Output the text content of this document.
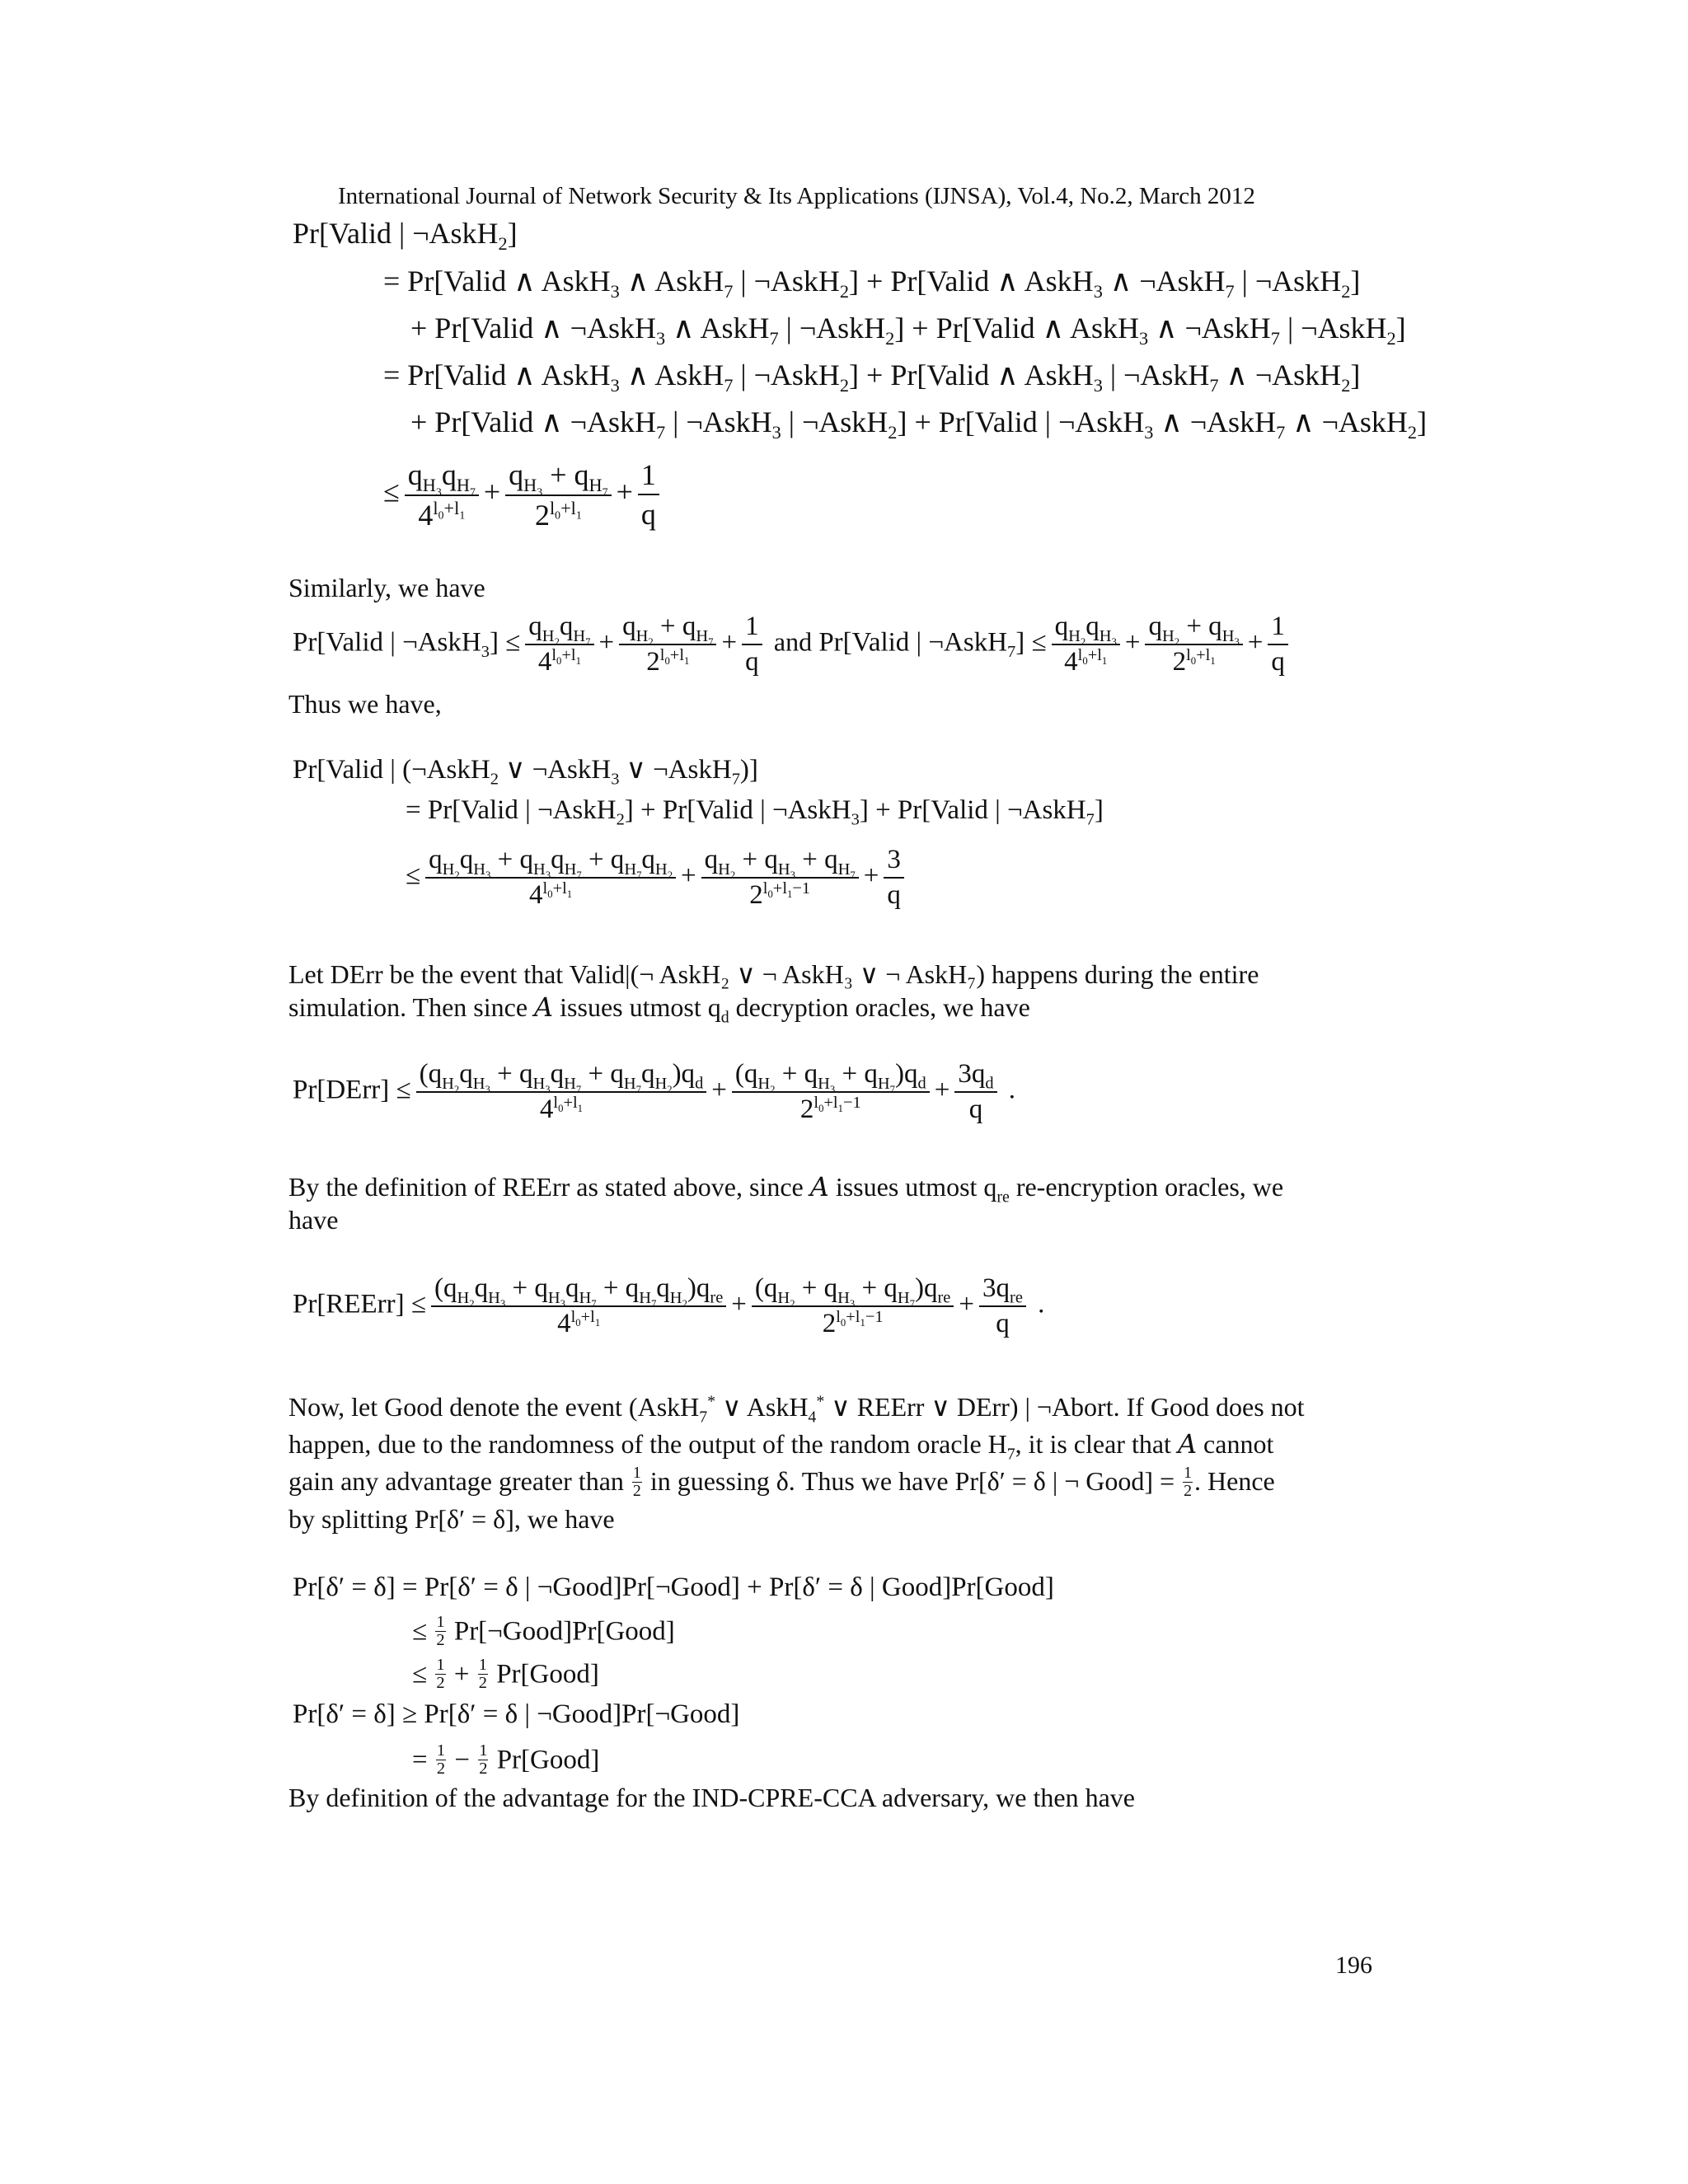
International Journal of Network Security & Its Applications (IJNSA), Vol.4, No.2, March 2012
Pr[Valid | ¬AskH$_2$]
= Pr[Valid ∧ AskH$_3$ ∧ AskH$_7$ | ¬AskH$_2$] + Pr[Valid ∧ AskH$_3$ ∧ ¬AskH$_7$ | ¬AskH$_2$]
+ Pr[Valid ∧ ¬AskH$_3$ ∧ AskH$_7$ | ¬AskH$_2$] + Pr[Valid ∧ AskH$_3$ ∧ ¬AskH$_7$ | ¬AskH$_2$]
= Pr[Valid ∧ AskH$_3$ ∧ AskH$_7$ | ¬AskH$_2$] + Pr[Valid ∧ AskH$_3$ | ¬AskH$_7$ ∧ ¬AskH$_2$]
+ Pr[Valid ∧ ¬AskH$_7$ | ¬AskH$_3$ | ¬AskH$_2$] + Pr[Valid | ¬AskH$_3$ ∧ ¬AskH$_7$ ∧ ¬AskH$_2$]
≤ $\frac{q_{H_3}q_{H_7}}{4^{l_0+l_1}} + \frac{q_{H_3} + q_{H_7}}{2^{l_0+l_1}} + \frac{1}{q}$
Similarly, we have
Pr[Valid | ¬AskH$_3$] ≤ $\frac{q_{H_2}q_{H_7}}{4^{l_0+l_1}} + \frac{q_{H_2} + q_{H_7}}{2^{l_0+l_1}} + \frac{1}{q}$ and Pr[Valid | ¬AskH$_7$] ≤ $\frac{q_{H_2}q_{H_3}}{4^{l_0+l_1}} + \frac{q_{H_2} + q_{H_3}}{2^{l_0+l_1}} + \frac{1}{q}$
Thus we have,
Pr[Valid | (¬AskH$_2$ ∨ ¬AskH$_3$ ∨ ¬AskH$_7$)]
= Pr[Valid | ¬AskH$_2$] + Pr[Valid | ¬AskH$_3$] + Pr[Valid | ¬AskH$_7$]
≤ $\frac{q_{H_2}q_{H_3} + q_{H_3}q_{H_7} + q_{H_7}q_{H_2}}{4^{l_0+l_1}} + \frac{q_{H_2} + q_{H_3} + q_{H_7}}{2^{l_0+l_1-1}} + \frac{3}{q}$
Let DErr be the event that Valid|(¬ AskH₂ ∨ ¬ AskH₃ ∨ ¬ AskH₇) happens during the entire
simulation. Then since A issues utmost $q_d$ decryption oracles, we have
Pr[DErr] ≤ $\frac{(q_{H_2}q_{H_3} + q_{H_3}q_{H_7} + q_{H_7}q_{H_2})q_d}{4^{l_0+l_1}} + \frac{(q_{H_2} + q_{H_3} + q_{H_7})q_d}{2^{l_0+l_1-1}} + \frac{3q_d}{q}$ .
By the definition of REErr as stated above, since A issues utmost $q_{re}$ re-encryption oracles, we
have
Pr[REErr] ≤ $\frac{(q_{H_2}q_{H_3} + q_{H_3}q_{H_7} + q_{H_7}q_{H_2})q_{re}}{4^{l_0+l_1}} + \frac{(q_{H_2} + q_{H_3} + q_{H_7})q_{re}}{2^{l_0+l_1-1}} + \frac{3q_{re}}{q}$ .
Now, let Good denote the event (AskH$_7$* ∨ AskH$_4$* ∨ REErr ∨ DErr) | ¬Abort. If Good does not
happen, due to the randomness of the output of the random oracle $H_7$, it is clear that A cannot
gain any advantage greater than $\frac{1}{2}$ in guessing δ. Thus we have Pr[δ′ = δ | ¬ Good] = $\frac{1}{2}$ . Hence
by splitting Pr[δ′ = δ], we have
Pr[δ′ = δ] = Pr[δ′ = δ | ¬Good]Pr[¬Good] + Pr[δ′ = δ | Good]Pr[Good]
≤ $\frac{1}{2}$ Pr[¬Good]Pr[Good]
≤ $\frac{1}{2} + \frac{1}{2}$ Pr[Good]
Pr[δ′ = δ] ≥ Pr[δ′ = δ | ¬Good]Pr[¬Good]
= $\frac{1}{2} - \frac{1}{2}$ Pr[Good]
By definition of the advantage for the IND-CPRE-CCA adversary, we then have
196
